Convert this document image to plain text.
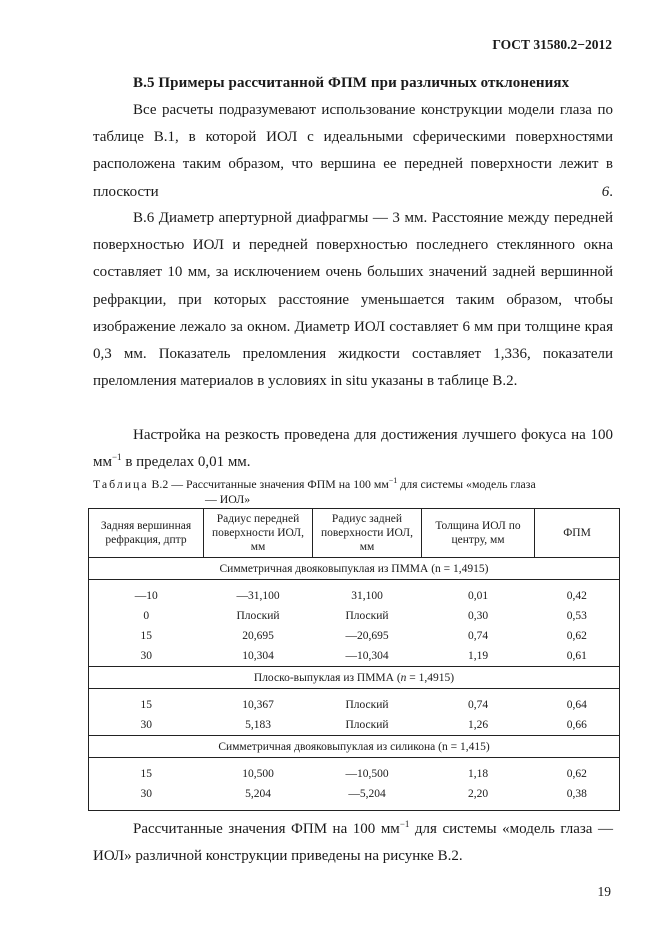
ГОСТ 31580.2−2012
В.5 Примеры рассчитанной ФПМ при различных отклонениях

Все расчеты подразумевают использование конструкции модели глаза по таблице В.1, в которой ИОЛ с идеальными сферическими поверхностями расположена таким образом, что вершина ее передней поверхности лежит в плоскости 6.

В.6 Диаметр апертурной диафрагмы — 3 мм. Расстояние между передней поверхностью ИОЛ и передней поверхностью последнего стеклянного окна составляет 10 мм, за исключением очень больших значений задней вершинной рефракции, при которых расстояние уменьшается таким образом, чтобы изображение лежало за окном. Диаметр ИОЛ составляет 6 мм при толщине края 0,3 мм. Показатель преломления жидкости составляет 1,336, показатели преломления материалов в условиях in situ указаны в таблице В.2.

Настройка на резкость проведена для достижения лучшего фокуса на 100 $мм^{-1}$ в пределах 0,01 мм.

Таблица В.2 — Рассчитанные значения ФПМ на 100 $мм^{-1}$ для системы «модель глаза
— ИОЛ»
Задняя вершинная рефракция, дптр	Радиус передней поверхности ИОЛ, мм	Радиус задней поверхности ИОЛ, мм	Толщина ИОЛ по центру, мм	ФПМ
Симметричная двояковыпуклая из ПММА (n = 1,4915)				
—10	—31,100	31,100	0,01	0,42
0	Плоский	Плоский	0,30	0,53
15	20,695	—20,695	0,74	0,62
30	10,304	—10,304	1,19	0,61
Плоско-выпуклая из ПММА (n = 1,4915)				
15	10,367	Плоский	0,74	0,64
30	5,183	Плоский	1,26	0,66
Симметричная двояковыпуклая из силикона (n = 1,415)				
15	10,500	—10,500	1,18	0,62
30	5,204	—5,204	2,20	0,38

Рассчитанные значения ФПМ на 100 $мм^{-1}$ для системы «модель глаза — ИОЛ» различной конструкции приведены на рисунке В.2.

19
